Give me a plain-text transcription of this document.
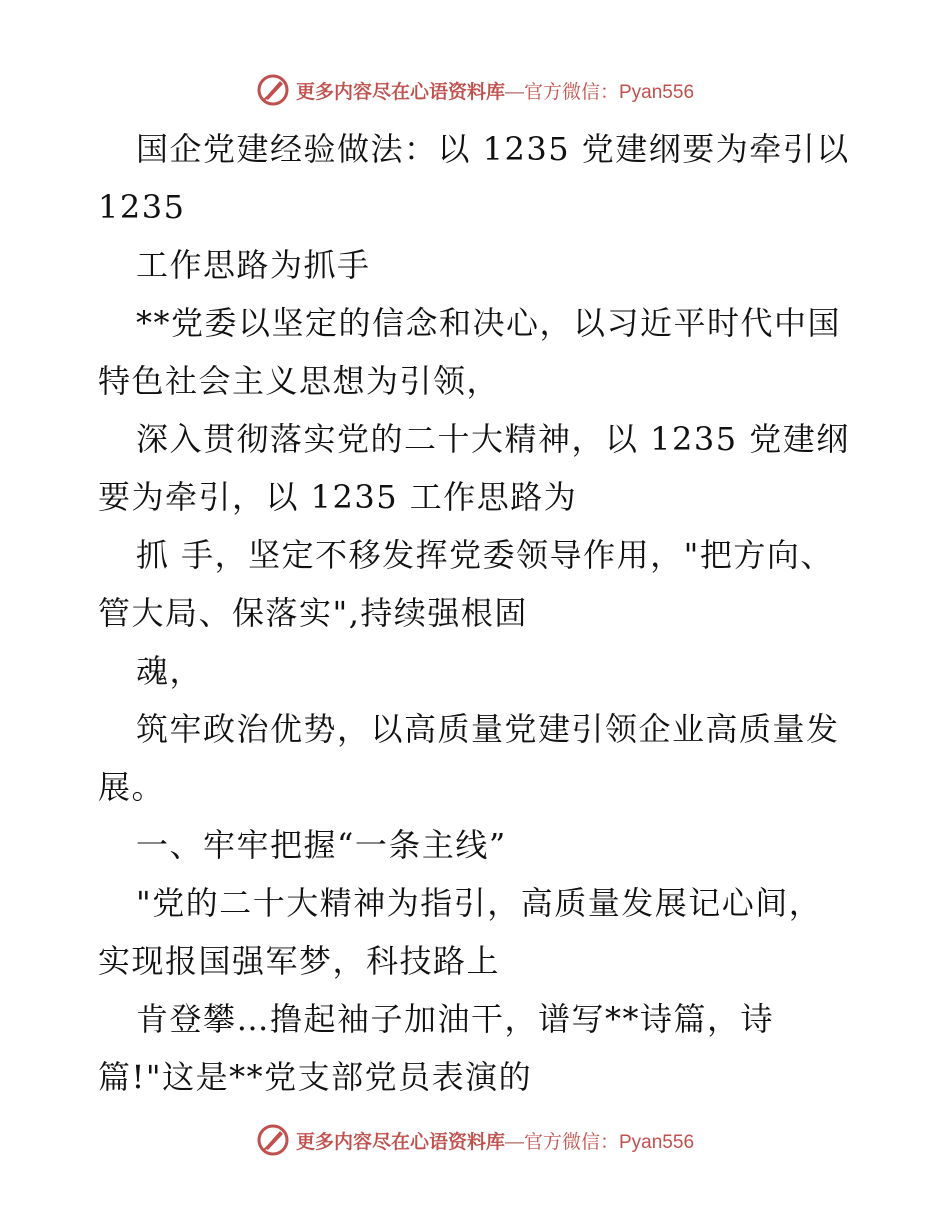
更多内容尽在心语资料库—官方微信：Pyan556
国企党建经验做法：以 1235 党建纲要为牵引以
1235
工作思路为抓手
**党委以坚定的信念和决心，以习近平时代中国
特色社会主义思想为引领，
深入贯彻落实党的二十大精神，以 1235 党建纲
要为牵引，以 1235 工作思路为
抓 手，坚定不移发挥党委领导作用，"把方向、
管大局、保落实",持续强根固
魂，
筑牢政治优势，以高质量党建引领企业高质量发
展。
一、牢牢把握“一条主线”
"党的二十大精神为指引，高质量发展记心间，
实现报国强军梦，科技路上
肯登攀…撸起袖子加油干，谱写**诗篇，诗
篇!"这是**党支部党员表演的
更多内容尽在心语资料库—官方微信：Pyan556
